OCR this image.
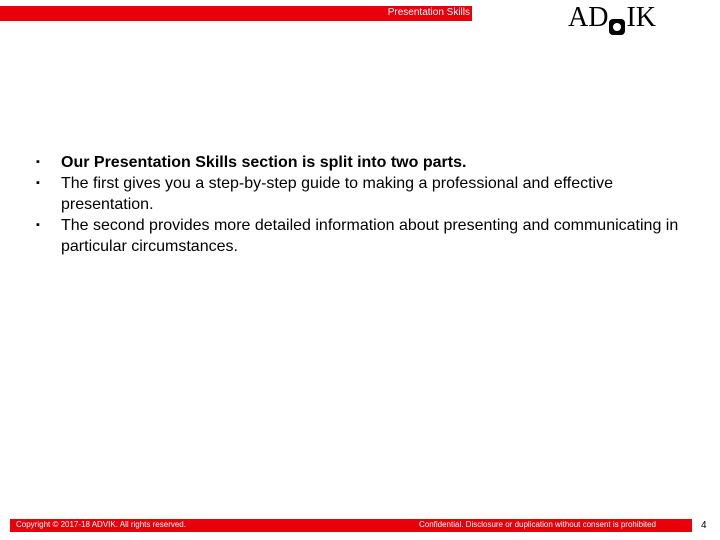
Presentation Skills	AD IK
▪	Our Presentation Skills section is split into two parts.
▪	The first gives you a step-by-step guide to making a professional and effective presentation.
▪	The second provides more detailed information about presenting and communicating in particular circumstances.
Copyright © 2017-18 ADVIK. All rights reserved.	Confidential. Disclosure or duplication without consent is prohibited	4
